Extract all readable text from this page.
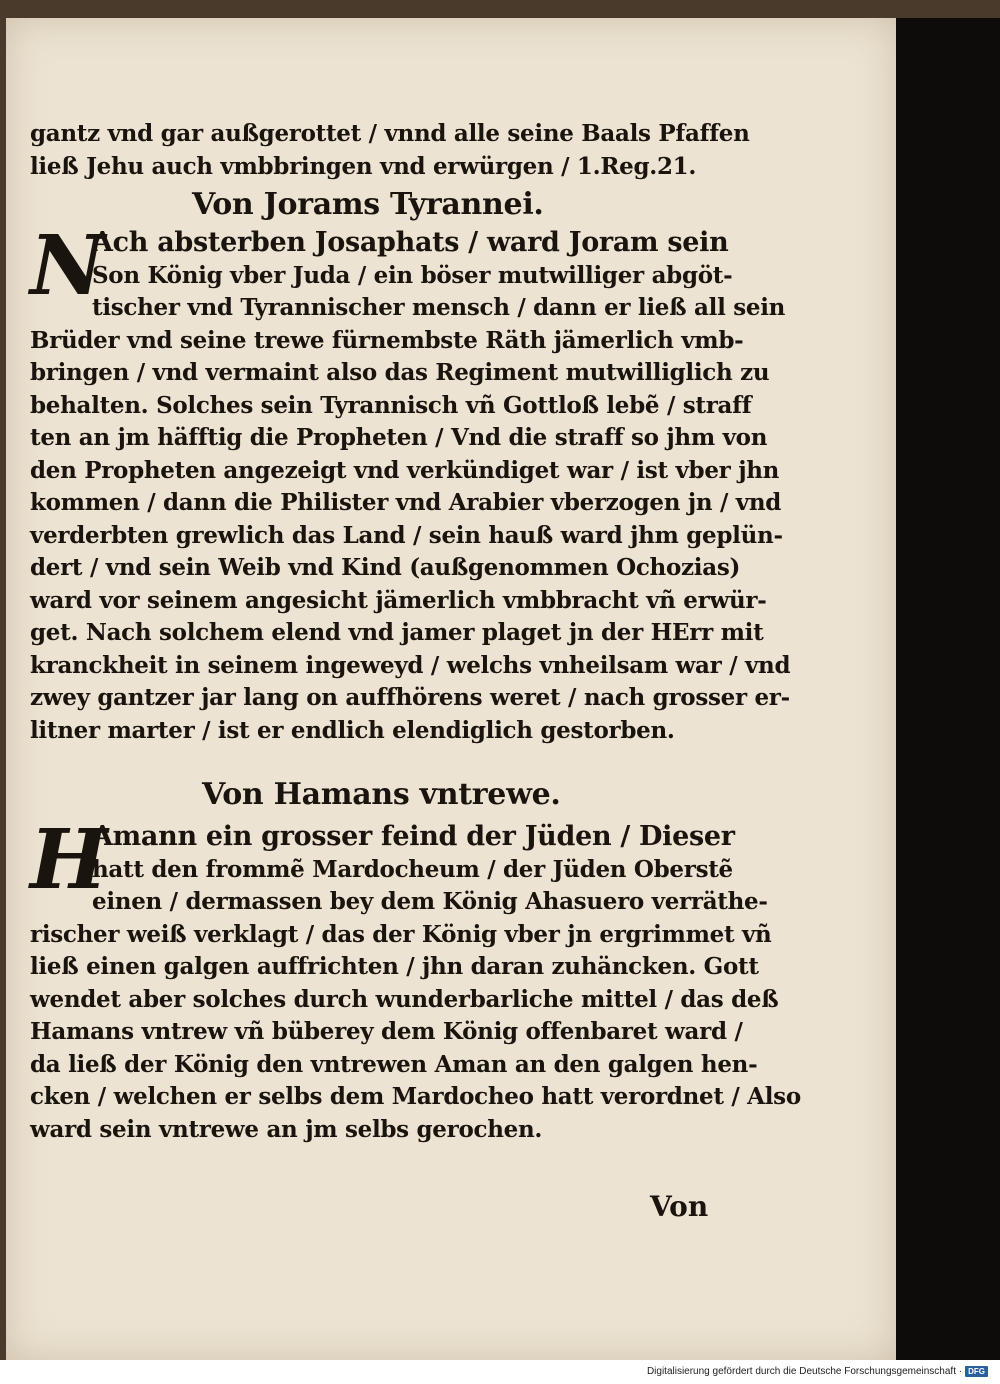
gantz vnd gar außgerottet / vnnd alle seine Baals Pfaffen
ließ Jehu auch vmbbringen vnd erwürgen / 1.Reg.21.
Von Jorams Tyrannei.
N
Ach absterben Josaphats / ward Joram sein
Son König vber Juda / ein böser mutwilliger abgöt-
tischer vnd Tyrannischer mensch / dann er ließ all sein
Brüder vnd seine trewe fürnembste Räth jämerlich vmb-
bringen / vnd vermaint also das Regiment mutwilliglich zu
behalten. Solches sein Tyrannisch vñ Gottloß lebẽ / straff
ten an jm häfftig die Propheten / Vnd die straff so jhm von
den Propheten angezeigt vnd verkündiget war / ist vber jhn
kommen / dann die Philister vnd Arabier vberzogen jn / vnd
verderbten grewlich das Land / sein hauß ward jhm geplün-
dert / vnd sein Weib vnd Kind (außgenommen Ochozias)
ward vor seinem angesicht jämerlich vmbbracht vñ erwür-
get. Nach solchem elend vnd jamer plaget jn der HErr mit
kranckheit in seinem ingeweyd / welchs vnheilsam war / vnd
zwey gantzer jar lang on auffhörens weret / nach grosser er-
litner marter / ist er endlich elendiglich gestorben.
Von Hamans vntrewe.
H
Amann ein grosser feind der Jüden / Dieser
hatt den frommẽ Mardocheum / der Jüden Oberstẽ
einen / dermassen bey dem König Ahasuero verräthe-
rischer weiß verklagt / das der König vber jn ergrimmet vñ
ließ einen galgen auffrichten / jhn daran zuhäncken. Gott
wendet aber solches durch wunderbarliche mittel / das deß
Hamans vntrew vñ büberey dem König offenbaret ward /
da ließ der König den vntrewen Aman an den galgen hen-
cken / welchen er selbs dem Mardocheo hatt verordnet / Also
ward sein vntrewe an jm selbs gerochen.
Von
Digitalisierung gefördert durch die Deutsche Forschungsgemeinschaft · DFG
